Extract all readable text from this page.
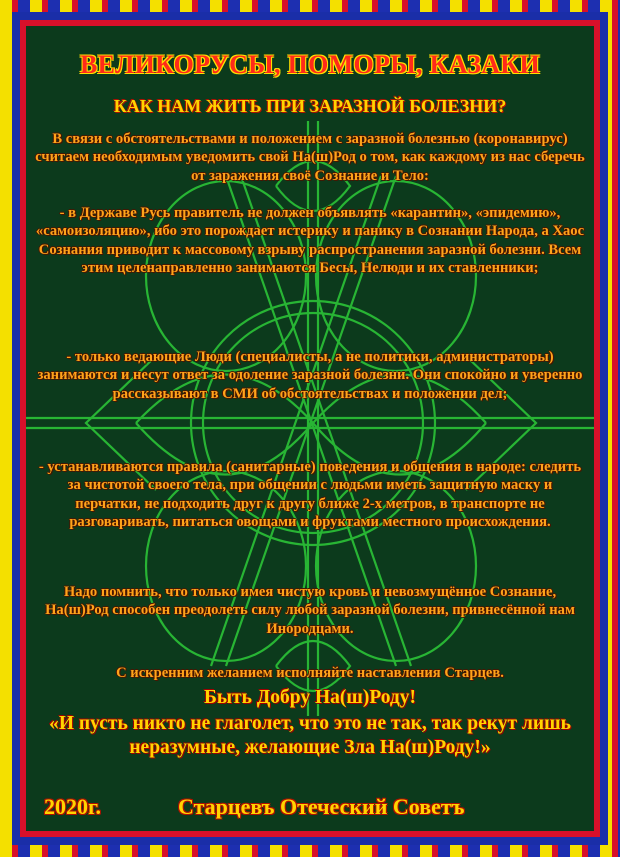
ВЕЛИКОРУСЫ, ПОМОРЫ, КАЗАКИ
КАК НАМ ЖИТЬ ПРИ ЗАРАЗНОЙ БОЛЕЗНИ?
В связи с обстоятельствами и положением с заразной болезнью (коронавирус) считаем необходимым уведомить свой На(ш)Род о том, как каждому из нас сберечь от заражения своё Сознание и Тело:
- в Державе Русь правитель не должен объявлять «карантин», «эпидемию», «самоизоляцию», ибо это порождает истерику и панику в Сознании Народа, а Хаос Сознания приводит к массовому взрыву распространения заразной болезни. Всем этим целенаправленно занимаются Бесы, Нелюди и их ставленники;
- только ведающие Люди (специалисты, а не политики, администраторы) занимаются и несут ответ за одоление заразной болезни. Они спокойно и уверенно рассказывают в СМИ об обстоятельствах и положении дел;
- устанавливаются правила (санитарные) поведения и общения в народе: следить за чистотой своего тела, при общении с людьми иметь защитную маску и перчатки, не подходить друг к другу ближе 2-х метров, в транспорте не разговаривать, питаться овощами и фруктами местного происхождения.
Надо помнить, что только имея чистую кровь и невозмущённое Сознание, На(ш)Род способен преодолеть силу любой заразной болезни, привнесённой нам Инородцами.
С искренним желанием исполняйте наставления Старцев.
Быть Добру На(ш)Роду!
«И пусть никто не глаголет, что это не так, так рекут лишь неразумные, желающие Зла На(ш)Роду!»
2020г.	Старцевъ Отеческий Советъ
